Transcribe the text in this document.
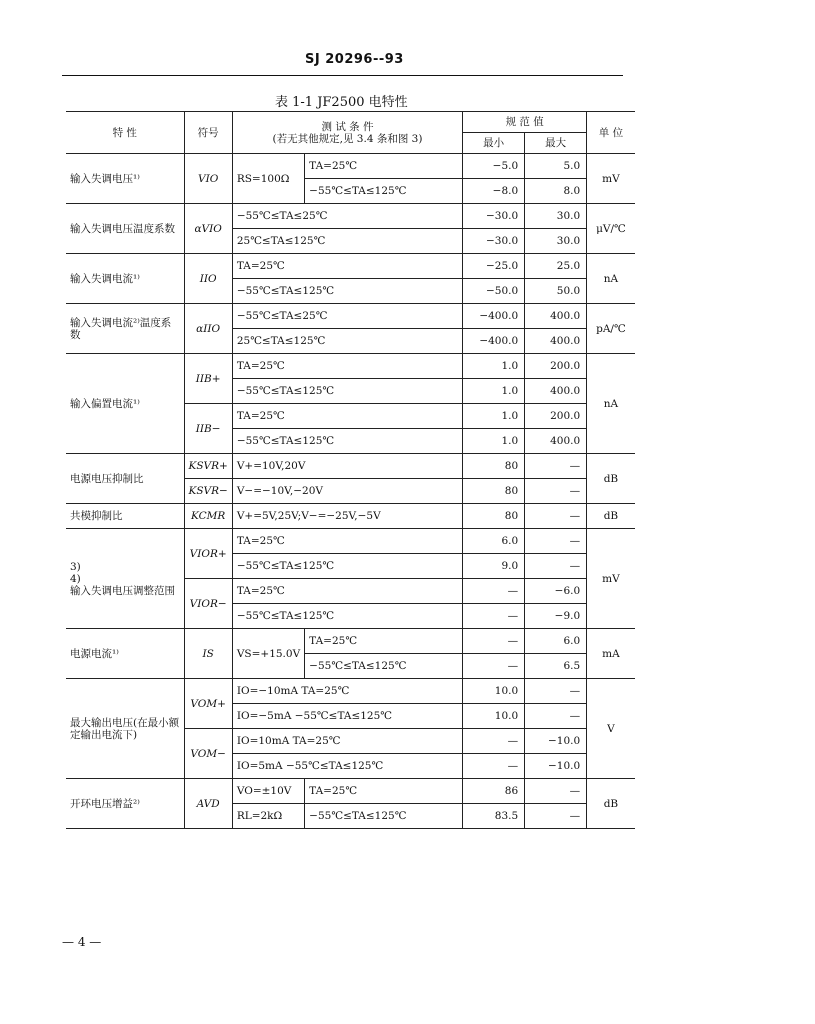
SJ 20296--93
表 1-1 JF2500 电特性
特 性	符号	测 试 条 件
(若无其他规定,见 3.4 条和图 3)		规 范 值		单 位
				最小	最大	
输入失调电压¹⁾	VIO	RS=100Ω	TA=25℃	−5.0	5.0	mV
			−55℃≤TA≤125℃	−8.0	8.0	
输入失调电压温度系数	αVIO	−55℃≤TA≤25℃		−30.0	30.0	μV/℃
		25℃≤TA≤125℃		−30.0	30.0	
输入失调电流¹⁾	IIO	TA=25℃		−25.0	25.0	nA
		−55℃≤TA≤125℃		−50.0	50.0	
输入失调电流²⁾温度系数	αIIO	−55℃≤TA≤25℃		−400.0	400.0	pA/℃
		25℃≤TA≤125℃		−400.0	400.0	
输入偏置电流¹⁾	IIB+	TA=25℃		1.0	200.0	nA
		−55℃≤TA≤125℃		1.0	400.0	
	IIB−	TA=25℃		1.0	200.0	
		−55℃≤TA≤125℃		1.0	400.0	
电源电压抑制比	KSVR+	V+=10V,20V		80	—	dB
	KSVR−	V−=−10V,−20V		80	—	
共模抑制比	KCMR	V+=5V,25V;V−=−25V,−5V		80	—	dB
3)
4)
输入失调电压调整范围	VIOR+	TA=25℃		6.0	—	mV
		−55℃≤TA≤125℃		9.0	—	
	VIOR−	TA=25℃		—	−6.0	
		−55℃≤TA≤125℃		—	−9.0	
电源电流¹⁾	IS	VS=+15.0V	TA=25℃	—	6.0	mA
			−55℃≤TA≤125℃	—	6.5	
最大输出电压(在最小额定输出电流下)	VOM+	IO=−10mA TA=25℃		10.0	—	V
		IO=−5mA −55℃≤TA≤125℃		10.0	—	
	VOM−	IO=10mA TA=25℃		—	−10.0	
		IO=5mA −55℃≤TA≤125℃		—	−10.0	
开环电压增益²⁾	AVD	VO=±10V	TA=25℃	86	—	dB
		RL=2kΩ	−55℃≤TA≤125℃	83.5	—	
— 4 —
